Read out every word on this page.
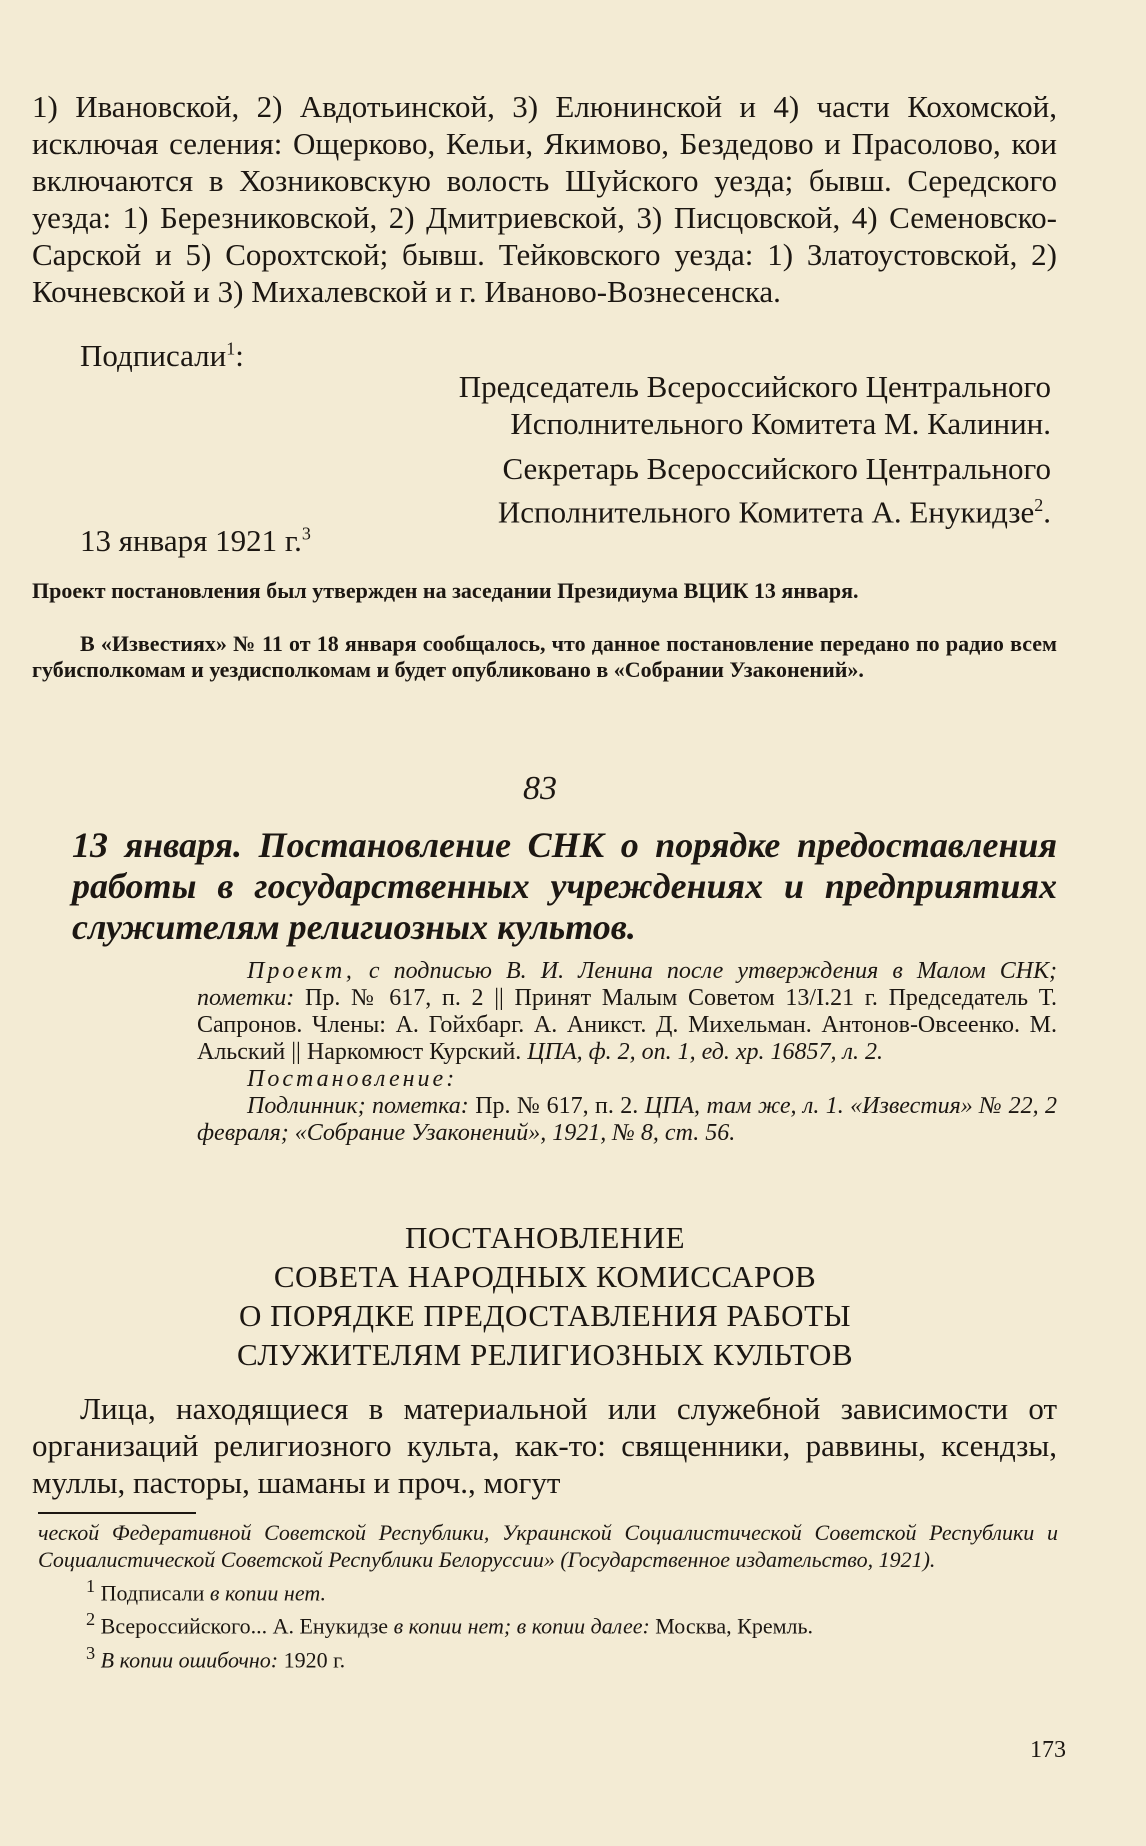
1) Ивановской, 2) Авдотьинской, 3) Елюнинской и 4) части Кохомской, исключая селения: Ощерково, Кельи, Якимово, Бездедово и Прасолово, кои включаются в Хозниковскую волость Шуйского уезда; бывш. Середского уезда: 1) Березниковской, 2) Дмитриевской, 3) Писцовской, 4) Семеновско-Сарской и 5) Сорохтской; бывш. Тейковского уезда: 1) Златоустовской, 2) Кочневской и 3) Михалевской и г. Иваново-Вознесенска.

Подписали$^1$:

Председатель Всероссийского Центрального
Исполнительного Комитета М. Калинин.
Секретарь Всероссийского Центрального
Исполнительного Комитета А. Енукидзе$^2$.

13 января 1921 г.$^3$

Проект постановления был утвержден на заседании Президиума ВЦИК 13 января.

В «Известиях» № 11 от 18 января сообщалось, что данное постановление передано по радио всем губисполкомам и уездисполкомам и будет опубликовано в «Собрании Узаконений».

83

13 января. Постановление СНК о порядке предоставления работы в государственных учреждениях и предприятиях служителям религиозных культов.

Проект, с подписью В. И. Ленина после утверждения в Малом СНК; пометки: Пр. № 617, п. 2 || Принят Малым Советом 13/I.21 г. Председатель Т. Сапронов. Члены: А. Гойхбарг. А. Аникст. Д. Михельман. Антонов-Овсеенко. М. Альский || Наркомюст Курский. ЦПА, ф. 2, оп. 1, ед. хр. 16857, л. 2.
Постановление:
Подлинник; пометка: Пр. № 617, п. 2. ЦПА, там же, л. 1. «Известия» № 22, 2 февраля; «Собрание Узаконений», 1921, № 8, ст. 56.
ПОСТАНОВЛЕНИЕ
СОВЕТА НАРОДНЫХ КОМИССАРОВ
О ПОРЯДКЕ ПРЕДОСТАВЛЕНИЯ РАБОТЫ
СЛУЖИТЕЛЯМ РЕЛИГИОЗНЫХ КУЛЬТОВ

Лица, находящиеся в материальной или служебной зависимости от организаций религиозного культа, как-то: священники, раввины, ксендзы, муллы, пасторы, шаманы и проч., могут

ческой Федеративной Советской Республики, Украинской Социалистической Советской Республики и Социалистической Советской Республики Белоруссии» (Государственное издательство, 1921).
$^1$ Подписали в копии нет.
$^2$ Всероссийского... А. Енукидзе в копии нет; в копии далее: Москва, Кремль.
$^3$ В копии ошибочно: 1920 г.

173
